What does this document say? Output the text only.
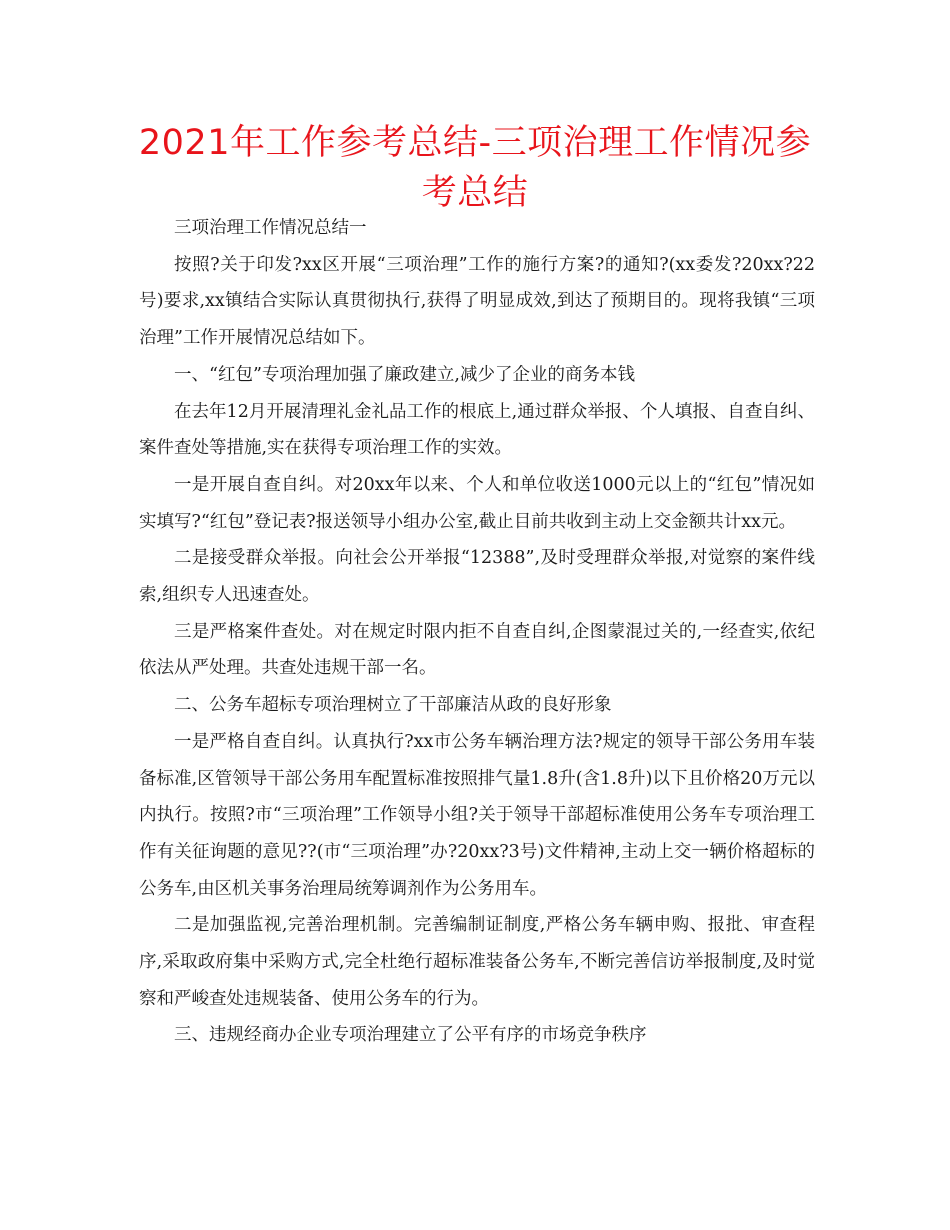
2021年工作参考总结-三项治理工作情况参考总结

三项治理工作情况总结一

按照?关于印发?xx区开展“三项治理”工作的施行方案?的通知?(xx委发?20xx?22号)要求,xx镇结合实际认真贯彻执行,获得了明显成效,到达了预期目的。现将我镇“三项治理”工作开展情况总结如下。

一、“红包”专项治理加强了廉政建立,减少了企业的商务本钱

在去年12月开展清理礼金礼品工作的根底上,通过群众举报、个人填报、自查自纠、案件查处等措施,实在获得专项治理工作的实效。

一是开展自查自纠。对20xx年以来、个人和单位收送1000元以上的“红包”情况如实填写?“红包”登记表?报送领导小组办公室,截止目前共收到主动上交金额共计xx元。

二是接受群众举报。向社会公开举报“12388”,及时受理群众举报,对觉察的案件线索,组织专人迅速查处。

三是严格案件查处。对在规定时限内拒不自查自纠,企图蒙混过关的,一经查实,依纪依法从严处理。共查处违规干部一名。

二、公务车超标专项治理树立了干部廉洁从政的良好形象

一是严格自查自纠。认真执行?xx市公务车辆治理方法?规定的领导干部公务用车装备标准,区管领导干部公务用车配置标准按照排气量1.8升(含1.8升)以下且价格20万元以内执行。按照?市“三项治理”工作领导小组?关于领导干部超标准使用公务车专项治理工作有关征询题的意见??(市“三项治理”办?20xx?3号)文件精神,主动上交一辆价格超标的公务车,由区机关事务治理局统筹调剂作为公务用车。

二是加强监视,完善治理机制。完善编制证制度,严格公务车辆申购、报批、审查程序,采取政府集中采购方式,完全杜绝行超标准装备公务车,不断完善信访举报制度,及时觉察和严峻查处违规装备、使用公务车的行为。

三、违规经商办企业专项治理建立了公平有序的市场竞争秩序
